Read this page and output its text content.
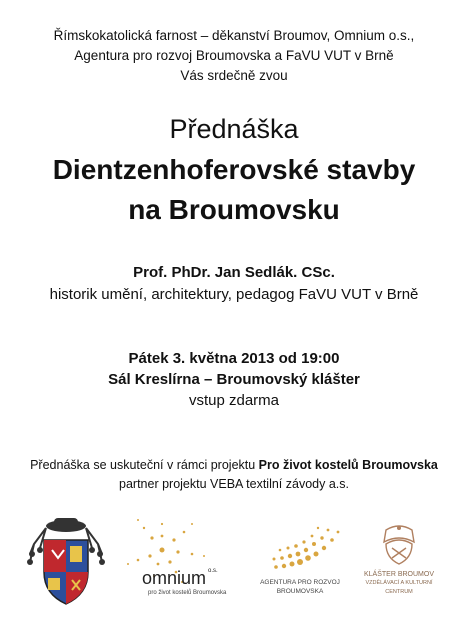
Římskokatolická farnost – děkanství Broumov, Omnium o.s.,
Agentura pro rozvoj Broumovska a FaVU VUT v Brně
Vás srdečně zvou
Přednáška
Dientzenhoferovské stavby
na Broumovsku
Prof. PhDr. Jan Sedlák. CSc.
historik umění, architektury, pedagog FaVU VUT v Brně
Pátek 3. května 2013 od 19:00
Sál Kreslírna – Broumovský klášter
vstup zdarma
Přednáška se uskuteční v rámci projektu Pro život kostelů Broumovska
partner projektu VEBA textilní závody a.s.
omnium $^{o.s.}$
pro život kostelů Broumovska
AGENTURA PRO ROZVOJ
BROUMOVSKA
KLÁŠTER BROUMOV
VZDĚLÁVACÍ A KULTURNÍ
CENTRUM
